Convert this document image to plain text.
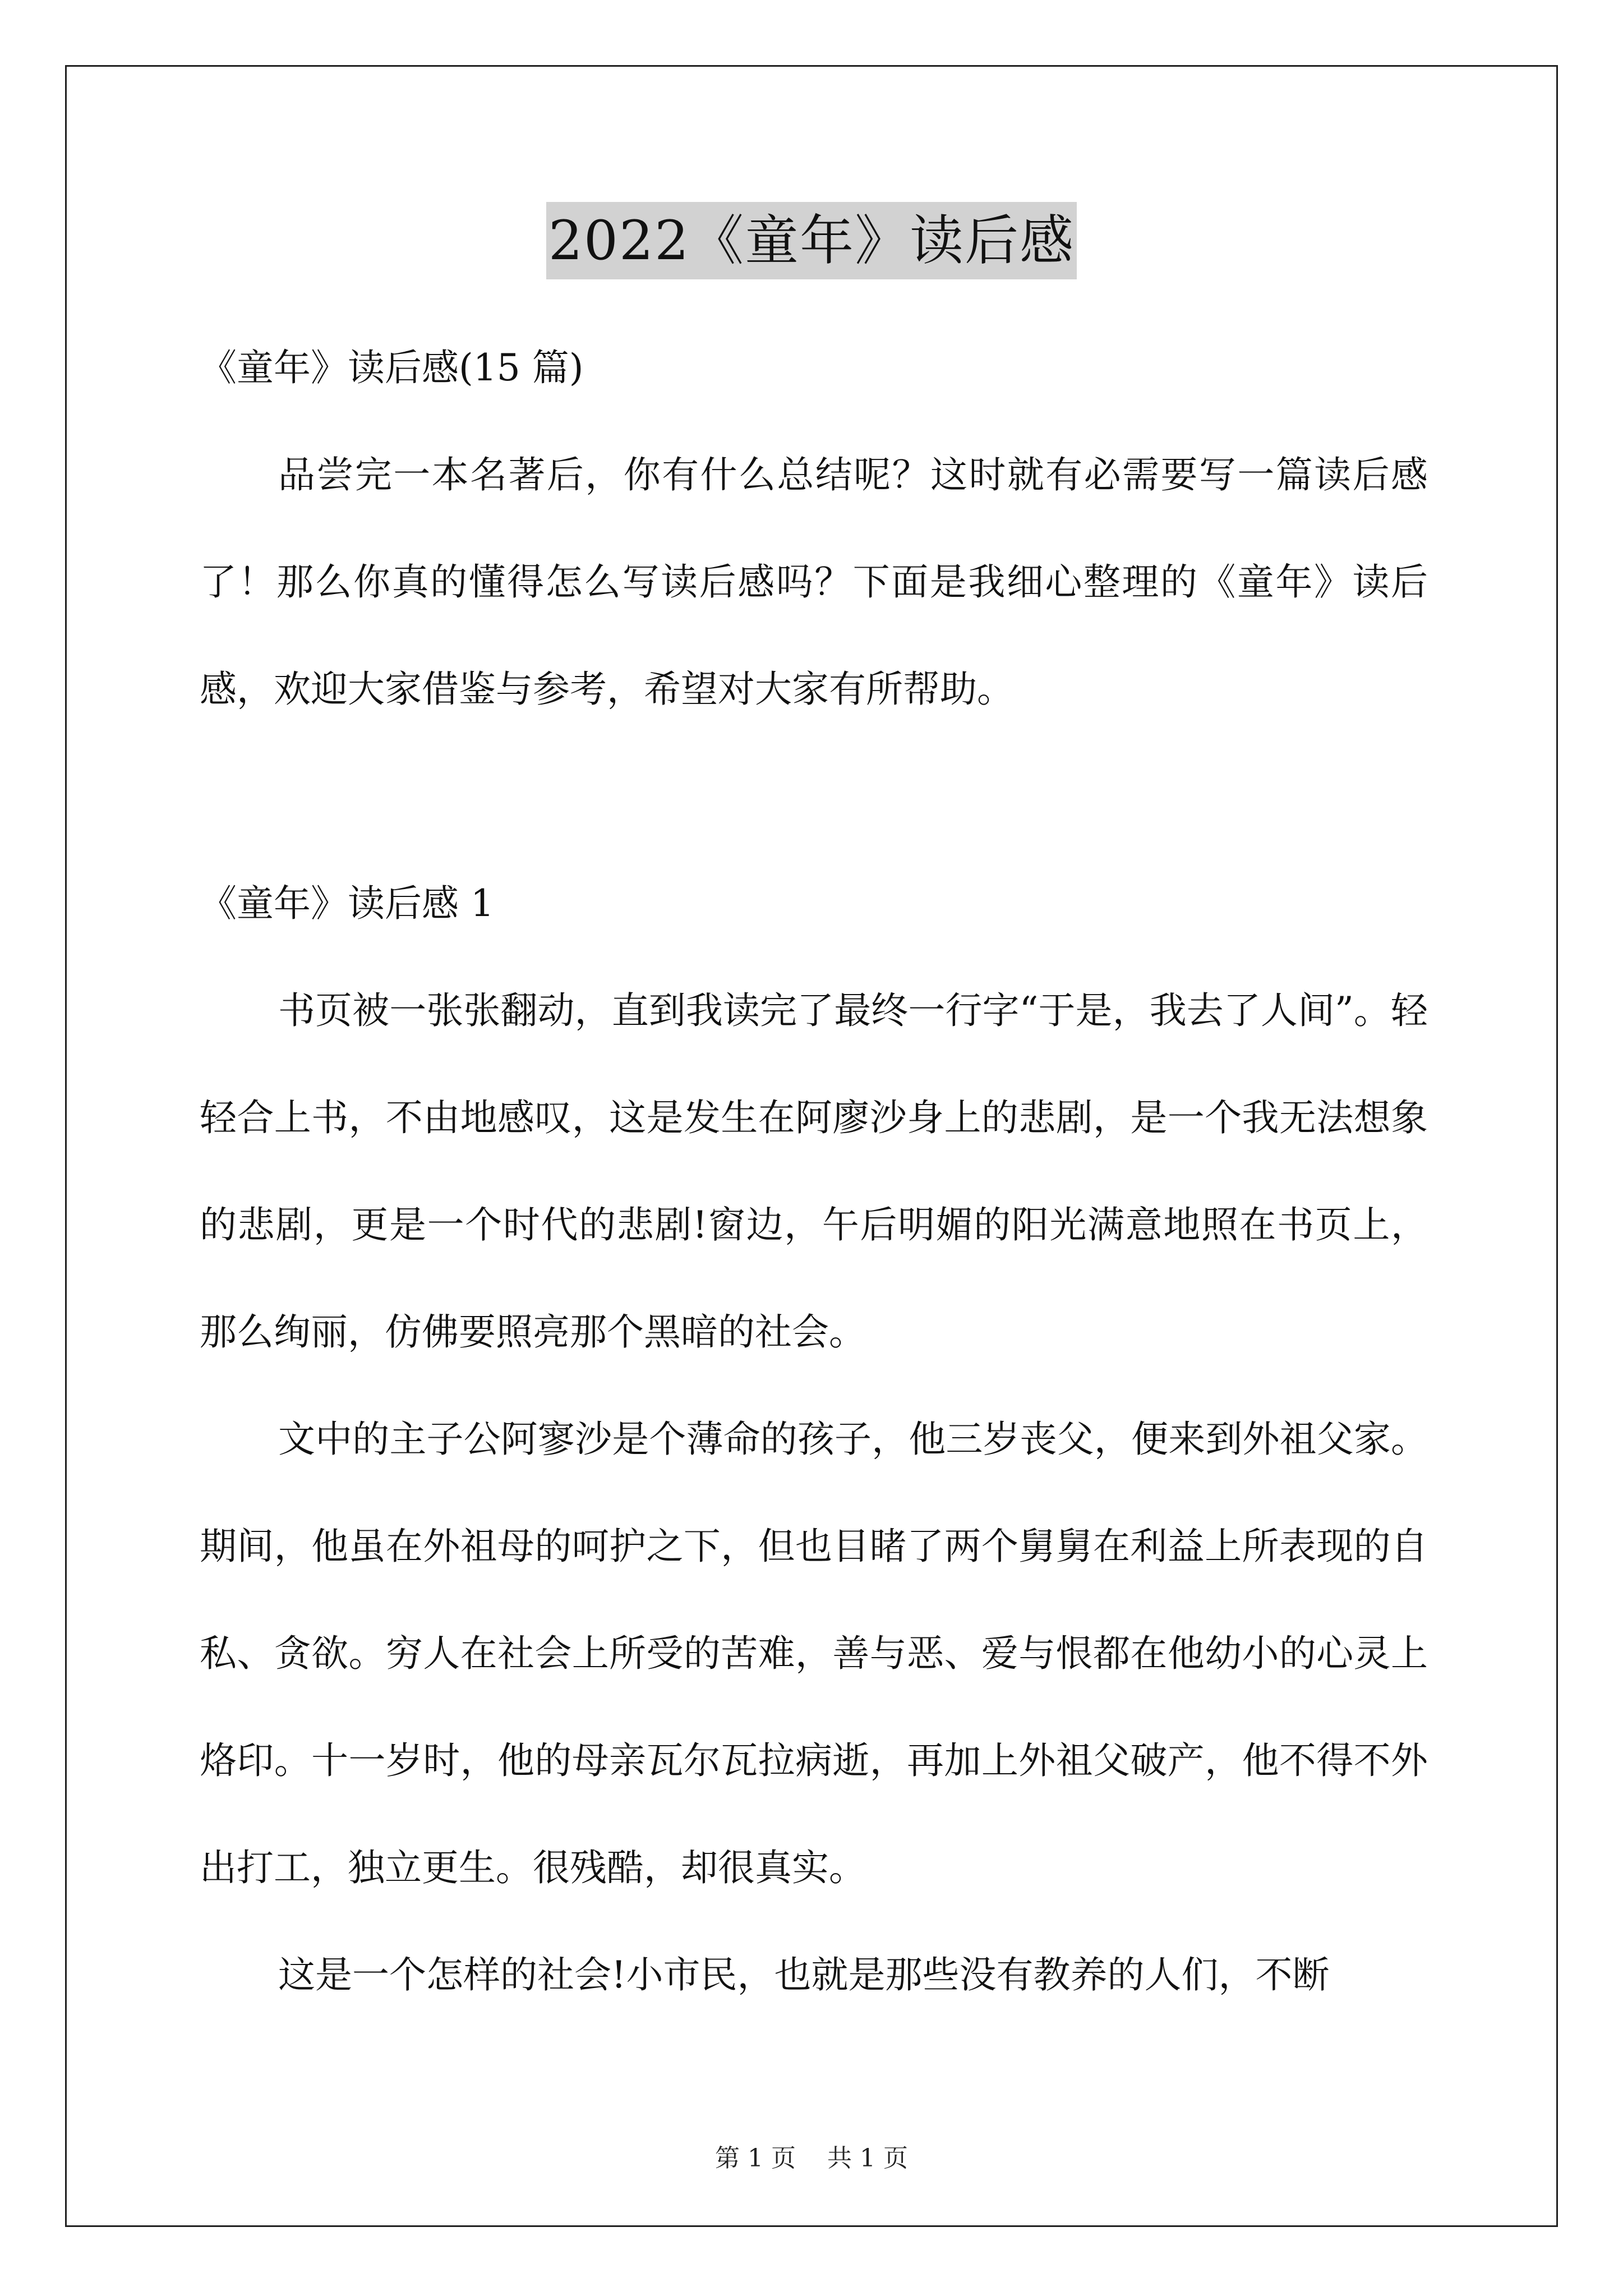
2022《童年》读后感

《童年》读后感(15 篇)

品尝完一本名著后，你有什么总结呢？这时就有必需要写一篇读后感了！那么你真的懂得怎么写读后感吗？下面是我细心整理的《童年》读后感，欢迎大家借鉴与参考，希望对大家有所帮助。

《童年》读后感 1

书页被一张张翻动，直到我读完了最终一行字“于是，我去了人间”。轻轻合上书，不由地感叹，这是发生在阿廖沙身上的悲剧，是一个我无法想象的悲剧，更是一个时代的悲剧!窗边，午后明媚的阳光满意地照在书页上，那么绚丽，仿佛要照亮那个黑暗的社会。

文中的主子公阿寥沙是个薄命的孩子，他三岁丧父，便来到外祖父家。期间，他虽在外祖母的呵护之下，但也目睹了两个舅舅在利益上所表现的自私、贪欲。穷人在社会上所受的苦难，善与恶、爱与恨都在他幼小的心灵上烙印。十一岁时，他的母亲瓦尔瓦拉病逝，再加上外祖父破产，他不得不外出打工，独立更生。很残酷，却很真实。

这是一个怎样的社会!小市民，也就是那些没有教养的人们，不断

第 1 页 共 1 页
